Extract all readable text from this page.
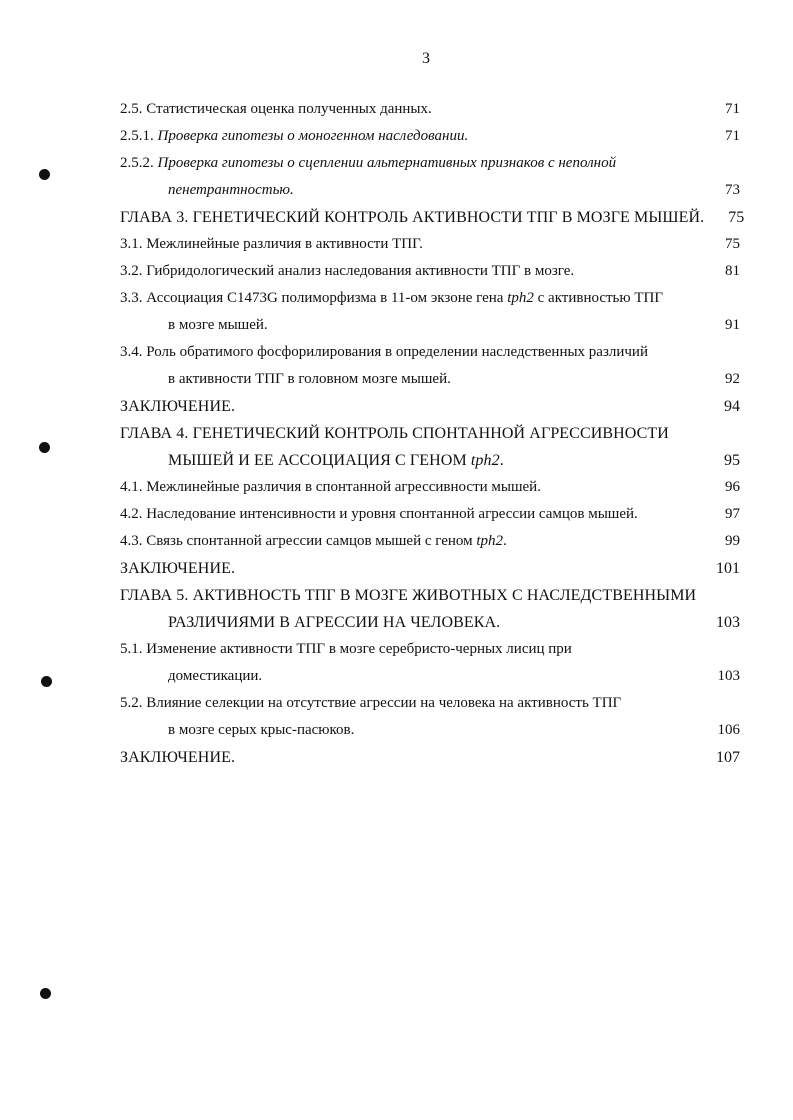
3
2.5. Статистическая оценка полученных данных.	71
2.5.1. Проверка гипотезы о моногенном наследовании.	71
2.5.2. Проверка гипотезы о сцеплении альтернативных признаков с неполной
пенетрантностью.	73
ГЛАВА 3. ГЕНЕТИЧЕСКИЙ КОНТРОЛЬ АКТИВНОСТИ ТПГ В МОЗГЕ МЫШЕЙ.	75
3.1. Межлинейные различия в активности ТПГ.	75
3.2. Гибридологический анализ наследования активности ТПГ в мозге.	81
3.3. Ассоциация C1473G полиморфизма в 11-ом экзоне гена tph2 с активностью ТПГ
в мозге мышей.	91
3.4. Роль обратимого фосфорилирования в определении наследственных различий
в активности ТПГ в головном мозге мышей.	92
ЗАКЛЮЧЕНИЕ.	94
ГЛАВА 4. ГЕНЕТИЧЕСКИЙ КОНТРОЛЬ СПОНТАННОЙ АГРЕССИВНОСТИ
МЫШЕЙ И ЕЕ АССОЦИАЦИЯ С ГЕНОМ tph2.	95
4.1. Межлинейные различия в спонтанной агрессивности мышей.	96
4.2. Наследование интенсивности и уровня спонтанной агрессии самцов мышей.	97
4.3. Связь спонтанной агрессии самцов мышей с геном tph2.	99
ЗАКЛЮЧЕНИЕ.	101
ГЛАВА 5. АКТИВНОСТЬ ТПГ В МОЗГЕ ЖИВОТНЫХ С НАСЛЕДСТВЕННЫМИ
РАЗЛИЧИЯМИ В АГРЕССИИ НА ЧЕЛОВЕКА.	103
5.1. Изменение активности ТПГ в мозге серебристо-черных лисиц при
доместикации.	103
5.2. Влияние селекции на отсутствие агрессии на человека на активность ТПГ
в мозге серых крыс-пасюков.	106
ЗАКЛЮЧЕНИЕ.	107
